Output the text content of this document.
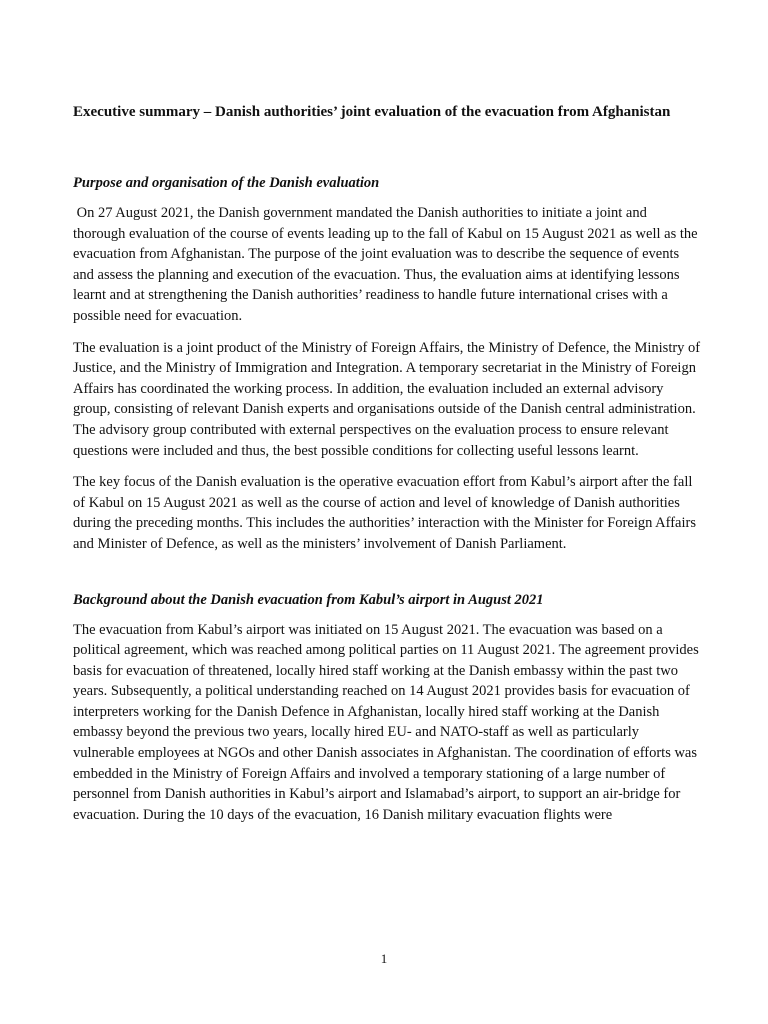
Executive summary – Danish authorities’ joint evaluation of the evacuation from Afghanistan
Purpose and organisation of the Danish evaluation

On 27 August 2021, the Danish government mandated the Danish authorities to initiate a joint and thorough evaluation of the course of events leading up to the fall of Kabul on 15 August 2021 as well as the evacuation from Afghanistan. The purpose of the joint evaluation was to describe the sequence of events and assess the planning and execution of the evacuation. Thus, the evaluation aims at identifying lessons learnt and at strengthening the Danish authorities’ readiness to handle future international crises with a possible need for evacuation.

The evaluation is a joint product of the Ministry of Foreign Affairs, the Ministry of Defence, the Ministry of Justice, and the Ministry of Immigration and Integration. A temporary secretariat in the Ministry of Foreign Affairs has coordinated the working process. In addition, the evaluation included an external advisory group, consisting of relevant Danish experts and organisations outside of the Danish central administration. The advisory group contributed with external perspectives on the evaluation process to ensure relevant questions were included and thus, the best possible conditions for collecting useful lessons learnt.

The key focus of the Danish evaluation is the operative evacuation effort from Kabul’s airport after the fall of Kabul on 15 August 2021 as well as the course of action and level of knowledge of Danish authorities during the preceding months. This includes the authorities’ interaction with the Minister for Foreign Affairs and Minister of Defence, as well as the ministers’ involvement of Danish Parliament.

Background about the Danish evacuation from Kabul’s airport in August 2021

The evacuation from Kabul’s airport was initiated on 15 August 2021. The evacuation was based on a political agreement, which was reached among political parties on 11 August 2021. The agreement provides basis for evacuation of threatened, locally hired staff working at the Danish embassy within the past two years. Subsequently, a political understanding reached on 14 August 2021 provides basis for evacuation of interpreters working for the Danish Defence in Afghanistan, locally hired staff working at the Danish embassy beyond the previous two years, locally hired EU- and NATO-staff as well as particularly vulnerable employees at NGOs and other Danish associates in Afghanistan. The coordination of efforts was embedded in the Ministry of Foreign Affairs and involved a temporary stationing of a large number of personnel from Danish authorities in Kabul’s airport and Islamabad’s airport, to support an air-bridge for evacuation. During the 10 days of the evacuation, 16 Danish military evacuation flights were

1
